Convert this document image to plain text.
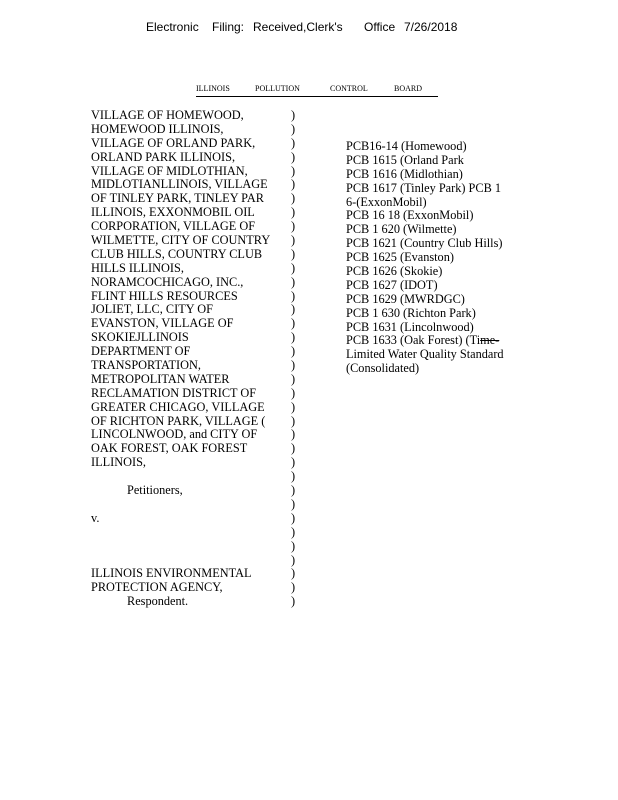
Electronic Filing: Received,Clerk's Office 7/26/2018
ILLINOIS	POLLUTION	CONTROL	BOARD
VILLAGE OF HOMEWOOD,
HOMEWOOD ILLINOIS,
VILLAGE OF ORLAND PARK,
ORLAND PARK ILLINOIS,
VILLAGE OF MIDLOTHIAN,
MIDLOTIANLLINOIS, VILLAGE
OF TINLEY PARK, TINLEY PAR
ILLINOIS, EXXONMOBIL OIL
CORPORATION, VILLAGE OF
WILMETTE, CITY OF COUNTRY
CLUB HILLS, COUNTRY CLUB
HILLS ILLINOIS,
NORAMCOCHICAGO, INC.,
FLINT HILLS RESOURCES
JOLIET, LLC, CITY OF
EVANSTON, VILLAGE OF
SKOKIEJLLINOIS
DEPARTMENT OF
TRANSPORTATION,
METROPOLITAN WATER
RECLAMATION DISTRICT OF
GREATER CHICAGO, VILLAGE
OF RICHTON PARK, VILLAGE (
LINCOLNWOOD, and CITY OF
OAK FOREST, OAK FOREST
ILLINOIS,
Petitioners,
v.
ILLINOIS ENVIRONMENTAL
PROTECTION AGENCY,
Respondent.
)
)
)
)
)
)
)
)
)
)
)
)
)
)
)
)
)
)
)
)
)
)
)
)
)
)
)
)
)
)
)
)
)
)
)
)
PCB16-14 (Homewood)
PCB 1615 (Orland Park
PCB 1616 (Midlothian)
PCB 1617 (Tinley Park) PCB 1
6-(ExxonMobil)
PCB 16 18 (ExxonMobil)
PCB 1 620 (Wilmette)
PCB 1621 (Country Club Hills)
PCB 1625 (Evanston)
PCB 1626 (Skokie)
PCB 1627 (IDOT)
PCB 1629 (MWRDGC)
PCB 1 630 (Richton Park)
PCB 1631 (Lincolnwood)
PCB 1633 (Oak Forest) (Time-
Limited Water Quality Standard
(Consolidated)
